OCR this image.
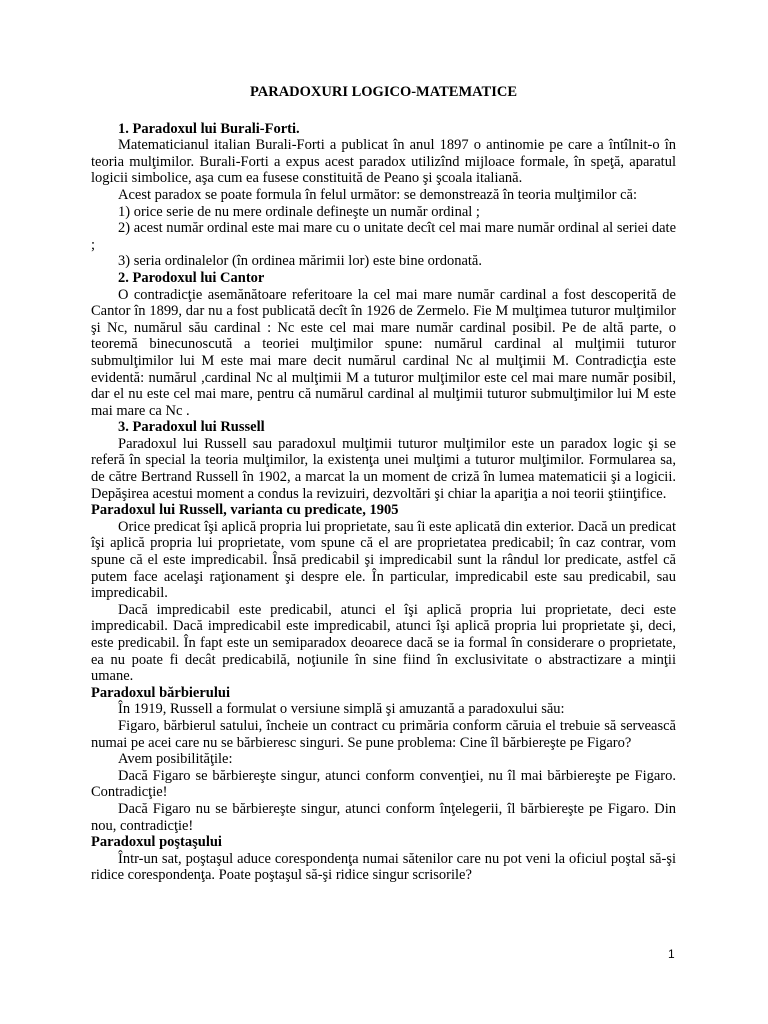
PARADOXURI LOGICO-MATEMATICE
1. Paradoxul lui Burali-Forti.
Matematicianul italian Burali-Forti a publicat în anul 1897 o antinomie pe care a întîlnit-o în teoria mulţimilor. Burali-Forti a expus acest paradox utilizînd mijloace formale, în speţă, aparatul logicii simbolice, aşa cum ea fusese constituită de Peano şi şcoala italiană.
Acest paradox se poate formula în felul următor: se demonstrează în teoria mulţimilor că:
1) orice serie de nu mere ordinale defineşte un număr ordinal ;
2) acest număr ordinal este mai mare cu o unitate decît cel mai mare număr ordinal al seriei date ;
3) seria ordinalelor (în ordinea mărimii lor) este bine ordonată.
2. Parodoxul lui Cantor
O contradicţie asemănătoare referitoare la cel mai mare număr cardinal a fost descoperită de Cantor în 1899, dar nu a fost publicată decît în 1926 de Zermelo. Fie M mulţimea tuturor mulţimilor şi Nc, numărul său cardinal : Nc este cel mai mare număr cardinal posibil. Pe de altă parte, o teoremă binecunoscută a teoriei mulţimilor spune: numărul cardinal al mulţimii tuturor submulţimilor lui M este mai mare decit numărul cardinal Nc al mulţimii M. Contradicţia este evidentă: numărul ,cardinal Nc al mulţimii M a tuturor mulţimilor este cel mai mare număr posibil, dar el nu este cel mai mare, pentru că numărul cardinal al mulţimii tuturor submulţimilor lui M este mai mare ca Nc .
3. Paradoxul lui Russell
Paradoxul lui Russell sau paradoxul mulţimii tuturor mulţimilor este un paradox logic şi se referă în special la teoria mulţimilor, la existenţa unei mulţimi a tuturor mulţimilor. Formularea sa, de către Bertrand Russell în 1902, a marcat la un moment de criză în lumea matematicii şi a logicii. Depăşirea acestui moment a condus la revizuiri, dezvoltări şi chiar la apariţia a noi teorii ştiinţifice.
Paradoxul lui Russell, varianta cu predicate, 1905
Orice predicat îşi aplică propria lui proprietate, sau îi este aplicată din exterior. Dacă un predicat îşi aplică propria lui proprietate, vom spune că el are proprietatea predicabil; în caz contrar, vom spune că el este impredicabil. Însă predicabil şi impredicabil sunt la rândul lor predicate, astfel că putem face acelaşi raţionament şi despre ele. În particular, impredicabil este sau predicabil, sau impredicabil.
Dacă impredicabil este predicabil, atunci el îşi aplică propria lui proprietate, deci este impredicabil. Dacă impredicabil este impredicabil, atunci îşi aplică propria lui proprietate şi, deci, este predicabil. În fapt este un semiparadox deoarece dacă se ia formal în considerare o proprietate, ea nu poate fi decât predicabilă, noţiunile în sine fiind în exclusivitate o abstractizare a minţii umane.
Paradoxul bărbierului
În 1919, Russell a formulat o versiune simplă şi amuzantă a paradoxului său:
Figaro, bărbierul satului, încheie un contract cu primăria conform căruia el trebuie să servească numai pe acei care nu se bărbieresc singuri. Se pune problema: Cine îl bărbiereşte pe Figaro?
Avem posibilităţile:
Dacă Figaro se bărbiereşte singur, atunci conform convenţiei, nu îl mai bărbiereşte pe Figaro. Contradicţie!
Dacă Figaro nu se bărbiereşte singur, atunci conform înţelegerii, îl bărbiereşte pe Figaro. Din nou, contradicţie!
Paradoxul poştaşului
Într-un sat, poştaşul aduce corespondenţa numai sătenilor care nu pot veni la oficiul poştal să-şi ridice corespondenţa. Poate poştaşul să-şi ridice singur scrisorile?
1
